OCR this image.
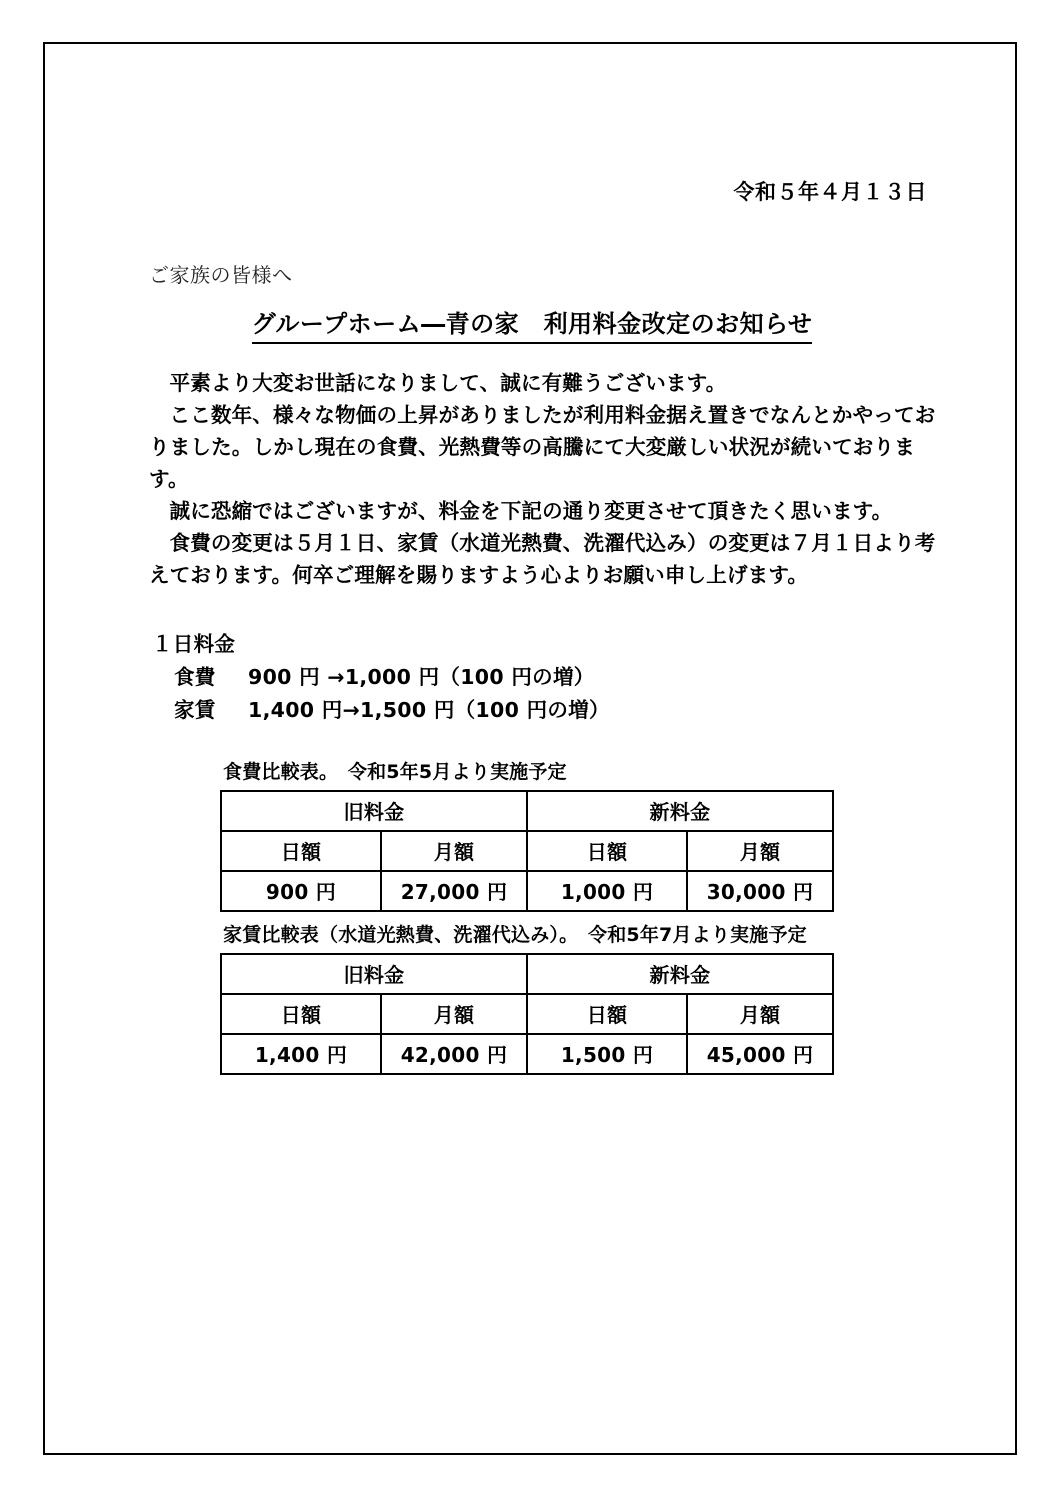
令和５年４月１３日
ご家族の皆様へ
グループホーム―青の家　利用料金改定のお知らせ

平素より大変お世話になりまして、誠に有難うございます。

ここ数年、様々な物価の上昇がありましたが利用料金据え置きでなんとかやっておりました。しかし現在の食費、光熱費等の高騰にて大変厳しい状況が続いております。

誠に恐縮ではございますが、料金を下記の通り変更させて頂きたく思います。

食費の変更は５月１日、家賃（水道光熱費、洗濯代込み）の変更は７月１日より考えております。何卒ご理解を賜りますよう心よりお願い申し上げます。

１日料金

食費 900 円 →1,000 円（100 円の増）

家賃 1,400 円→1,500 円（100 円の増）

食費比較表。　令和5年5月より実施予定

旧料金		新料金	
日額	月額	日額	月額
900 円	27,000 円	1,000 円	30,000 円

家賃比較表（水道光熱費、洗濯代込み）。　令和5年7月より実施予定

旧料金		新料金	
日額	月額	日額	月額
1,400 円	42,000 円	1,500 円	45,000 円
